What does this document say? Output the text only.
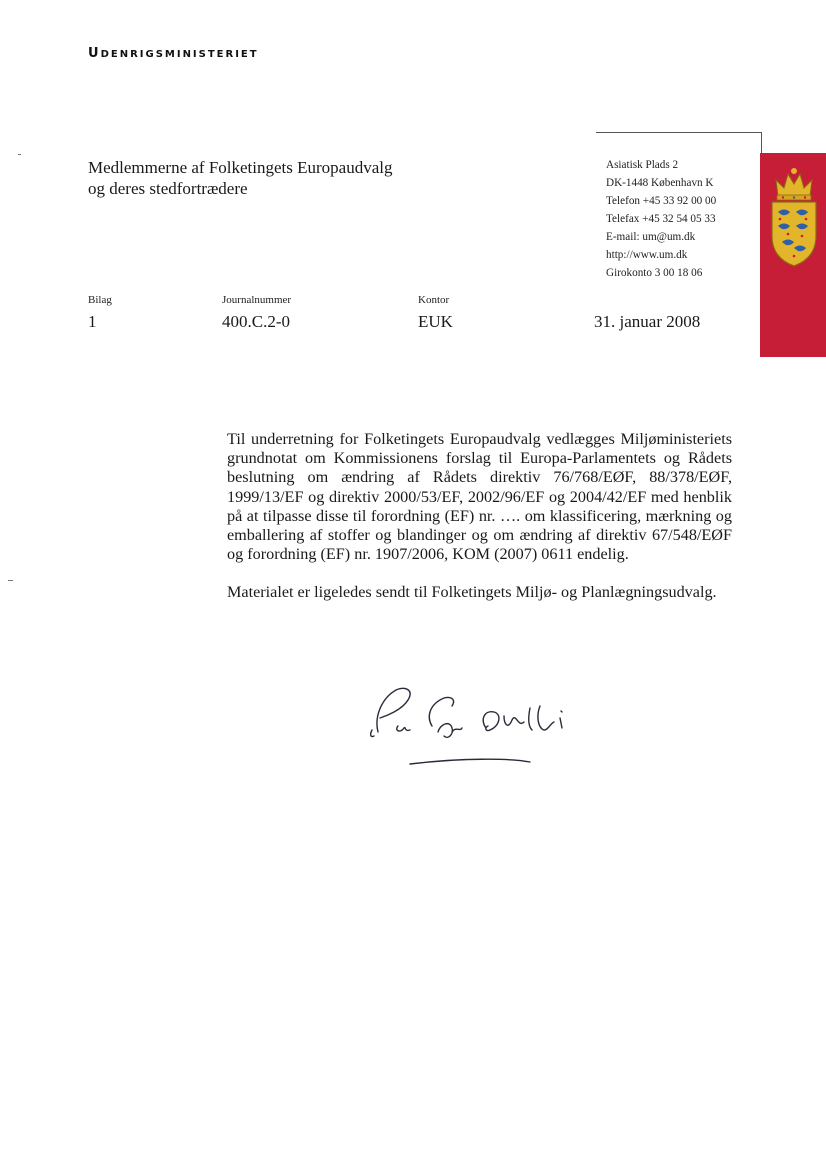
udenrigsministeriet
Medlemmerne af Folketingets Europaudvalg
og deres stedfortrædere
Asiatisk Plads 2
DK-1448 København K
Telefon +45 33 92 00 00
Telefax +45 32 54 05 33
E-mail: um@um.dk
http://www.um.dk
Girokonto 3 00 18 06
Bilag
1
Journalnummer
400.C.2-0
Kontor
EUK	31. januar 2008

Til underretning for Folketingets Europaudvalg vedlægges Miljøministeriets grundnotat om Kommissionens forslag til Europa-Parlamentets og Rådets beslutning om ændring af Rådets direktiv 76/768/EØF, 88/378/EØF, 1999/13/EF og direktiv 2000/53/EF, 2002/96/EF og 2004/42/EF med henblik på at tilpasse disse til forordning (EF) nr. …. om klassificering, mærkning og emballering af stoffer og blandinger og om ændring af direktiv 67/548/EØF og forordning (EF) nr. 1907/2006, KOM (2007) 0611 endelig.

Materialet er ligeledes sendt til Folketingets Miljø- og Planlægningsudvalg.
